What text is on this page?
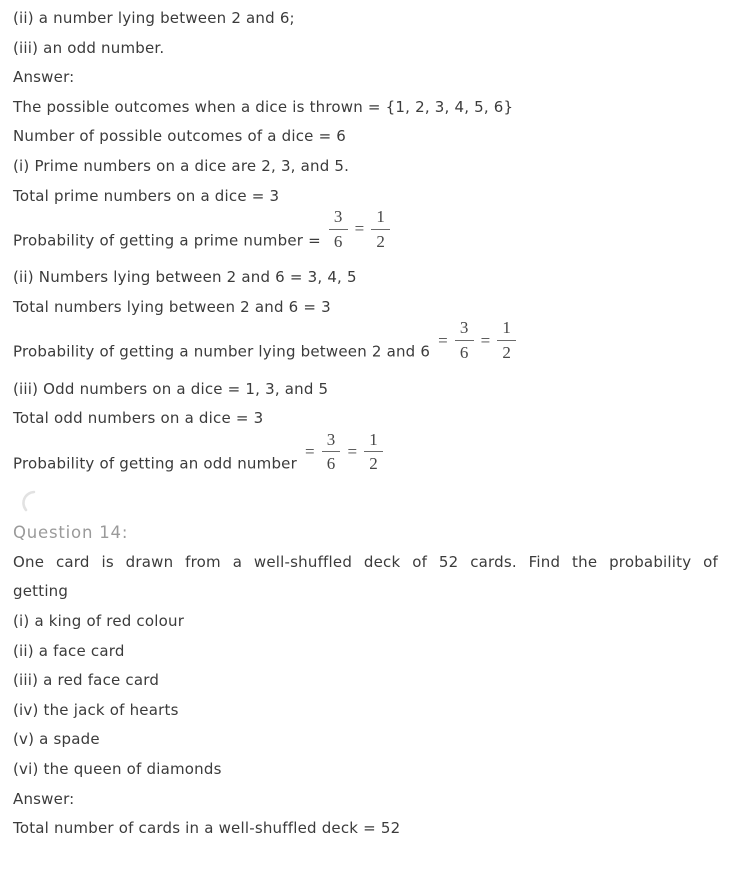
(ii) a number lying between 2 and 6;

(iii) an odd number.

Answer:

The possible outcomes when a dice is thrown = {1, 2, 3, 4, 5, 6}

Number of possible outcomes of a dice = 6

(i) Prime numbers on a dice are 2, 3, and 5.

Total prime numbers on a dice = 3

Probability of getting a prime number = $\frac{3}{6} = \frac{1}{2}$

(ii) Numbers lying between 2 and 6 = 3, 4, 5

Total numbers lying between 2 and 6 = 3

Probability of getting a number lying between 2 and 6
= $\frac{3}{6} = \frac{1}{2}$

(iii) Odd numbers on a dice = 1, 3, and 5

Total odd numbers on a dice = 3

Probability of getting an odd number
= $\frac{3}{6} = \frac{1}{2}$

Question 14:

One card is drawn from a well-shuffled deck of 52 cards. Find the probability of

getting

(i) a king of red colour

(ii) a face card

(iii) a red face card

(iv) the jack of hearts

(v) a spade

(vi) the queen of diamonds

Answer:

Total number of cards in a well-shuffled deck = 52
